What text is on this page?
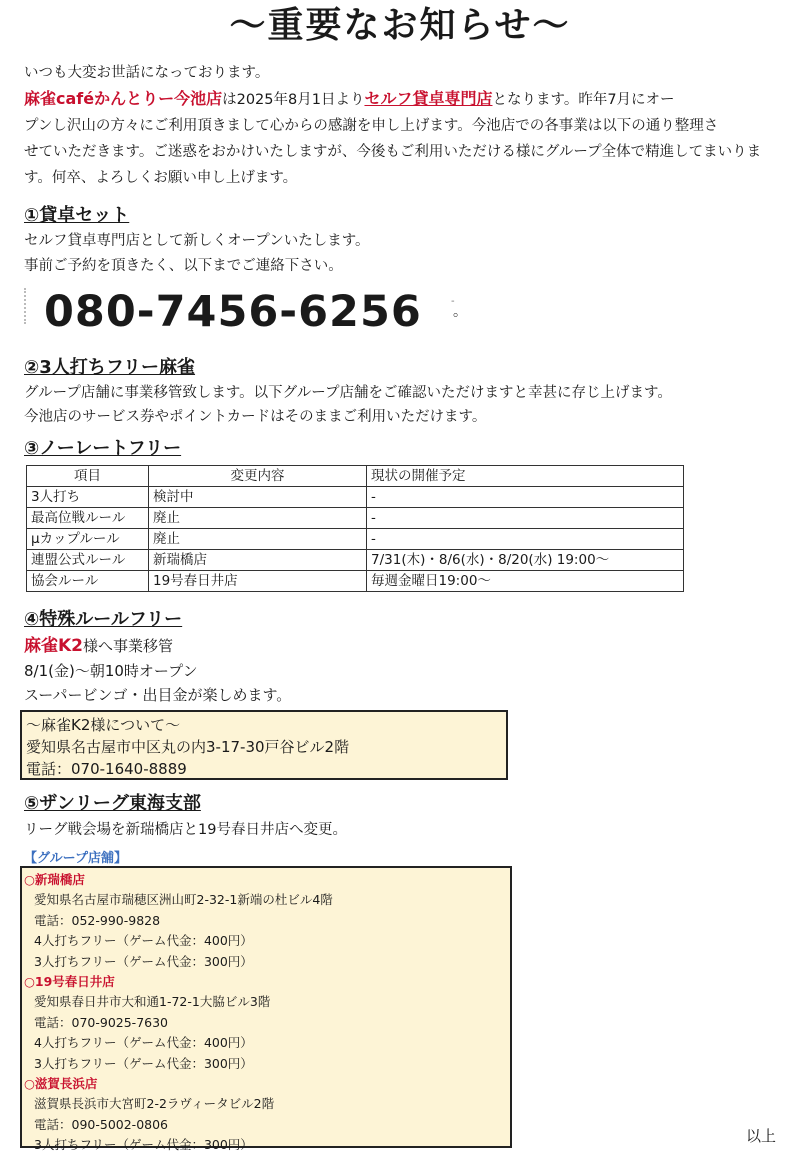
〜重要なお知らせ〜
いつも大変お世話になっております。
麻雀caféかんとりー今池店は2025年8月1日よりセルフ貸卓専門店となります。昨年7月にオー
プンし沢山の方々にご利用頂きまして心からの感謝を申し上げます。今池店での各事業は以下の通り整理さ
せていただきます。ご迷惑をおかけいたしますが、今後もご利用いただける様にグループ全体で精進してまいりま
す。何卒、よろしくお願い申し上げます。
①貸卓セット
セルフ貸卓専門店として新しくオープンいたします。
事前ご予約を頂きたく、以下までご連絡下さい。
080-7456-6256	-
。
②3人打ちフリー麻雀
グループ店舗に事業移管致します。以下グループ店舗をご確認いただけますと幸甚に存じ上げます。
今池店のサービス券やポイントカードはそのままご利用いただけます。
③ノーレートフリー
項目	変更内容	現状の開催予定
3人打ち	検討中	-
最高位戦ルール	廃止	-
μカップルール	廃止	-
連盟公式ルール	新瑞橋店	7/31(木)・8/6(水)・8/20(水) 19:00〜
協会ルール	19号春日井店	毎週金曜日19:00〜
④特殊ルールフリー
麻雀K2様へ事業移管
8/1(金)〜朝10時オープン
スーパービンゴ・出目金が楽しめます。
〜麻雀K2様について〜
愛知県名古屋市中区丸の内3-17-30戸谷ビル2階
電話：070-1640-8889
⑤ザンリーグ東海支部
リーグ戦会場を新瑞橋店と19号春日井店へ変更。
【グループ店舗】
○新瑞橋店
愛知県名古屋市瑞穂区洲山町2-32-1新端の杜ビル4階
電話：052-990-9828
4人打ちフリー（ゲーム代金：400円）
3人打ちフリー（ゲーム代金：300円）
○19号春日井店
愛知県春日井市大和通1-72-1大脇ビル3階
電話：070-9025-7630
4人打ちフリー（ゲーム代金：400円）
3人打ちフリー（ゲーム代金：300円）
○滋賀長浜店
滋賀県長浜市大宮町2-2ラヴィータビル2階
電話：090-5002-0806
3人打ちフリー（ゲーム代金：300円）	以上
